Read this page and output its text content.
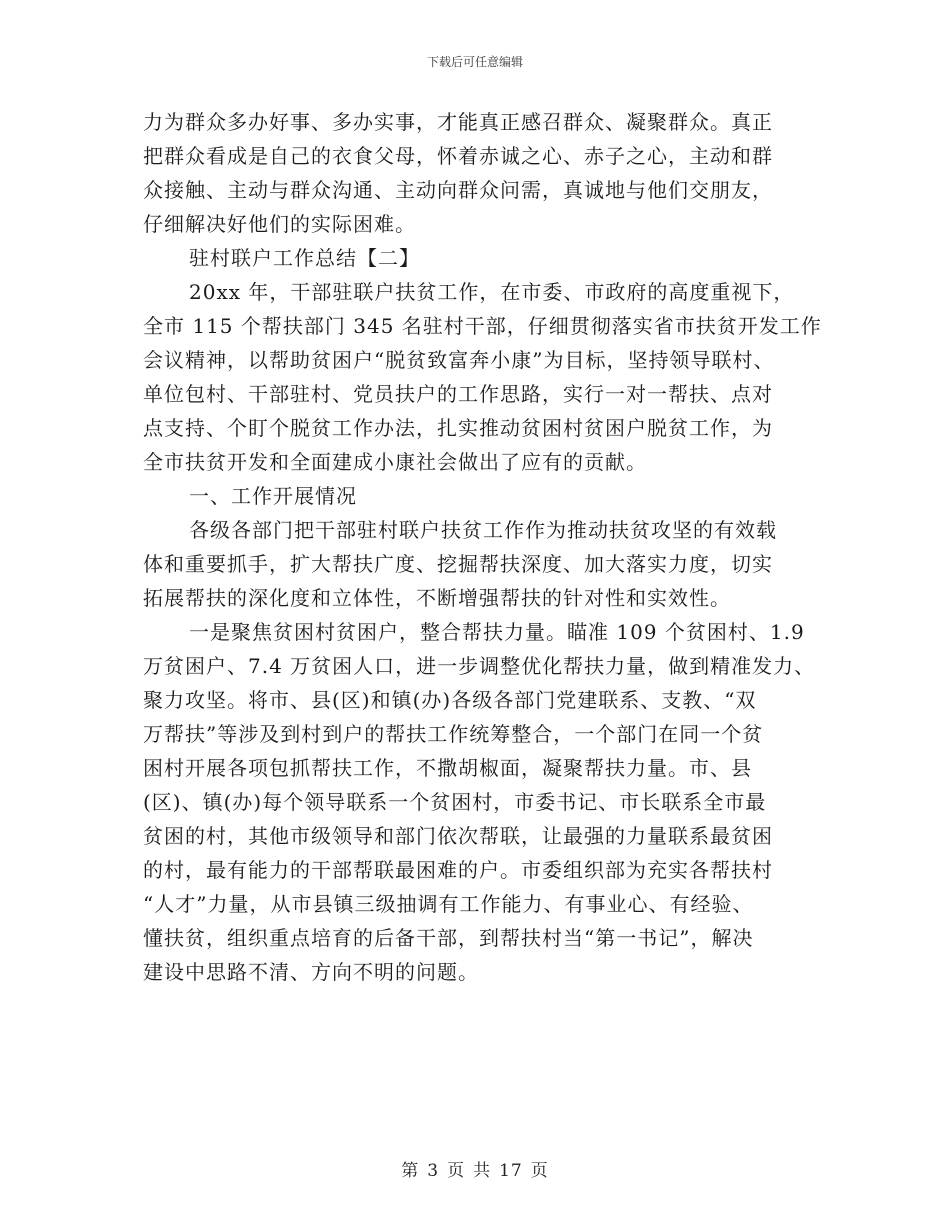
下载后可任意编辑
力为群众多办好事、多办实事，才能真正感召群众、凝聚群众。真正
把群众看成是自己的衣食父母，怀着赤诚之心、赤子之心，主动和群
众接触、主动与群众沟通、主动向群众问需，真诚地与他们交朋友，
仔细解决好他们的实际困难。
驻村联户工作总结【二】
20xx 年，干部驻联户扶贫工作，在市委、市政府的高度重视下，
全市 115 个帮扶部门 345 名驻村干部，仔细贯彻落实省市扶贫开发工作
会议精神，以帮助贫困户“脱贫致富奔小康”为目标，坚持领导联村、
单位包村、干部驻村、党员扶户的工作思路，实行一对一帮扶、点对
点支持、个盯个脱贫工作办法，扎实推动贫困村贫困户脱贫工作，为
全市扶贫开发和全面建成小康社会做出了应有的贡献。
一、工作开展情况
各级各部门把干部驻村联户扶贫工作作为推动扶贫攻坚的有效载
体和重要抓手，扩大帮扶广度、挖掘帮扶深度、加大落实力度，切实
拓展帮扶的深化度和立体性，不断增强帮扶的针对性和实效性。
一是聚焦贫困村贫困户，整合帮扶力量。瞄准 109 个贫困村、1.9
万贫困户、7.4 万贫困人口，进一步调整优化帮扶力量，做到精准发力、
聚力攻坚。将市、县(区)和镇(办)各级各部门党建联系、支教、“双
万帮扶”等涉及到村到户的帮扶工作统筹整合，一个部门在同一个贫
困村开展各项包抓帮扶工作，不撒胡椒面，凝聚帮扶力量。市、县
(区)、镇(办)每个领导联系一个贫困村，市委书记、市长联系全市最
贫困的村，其他市级领导和部门依次帮联，让最强的力量联系最贫困
的村，最有能力的干部帮联最困难的户。市委组织部为充实各帮扶村
“人才”力量，从市县镇三级抽调有工作能力、有事业心、有经验、
懂扶贫，组织重点培育的后备干部，到帮扶村当“第一书记”，解决
建设中思路不清、方向不明的问题。
第 3 页 共 17 页
